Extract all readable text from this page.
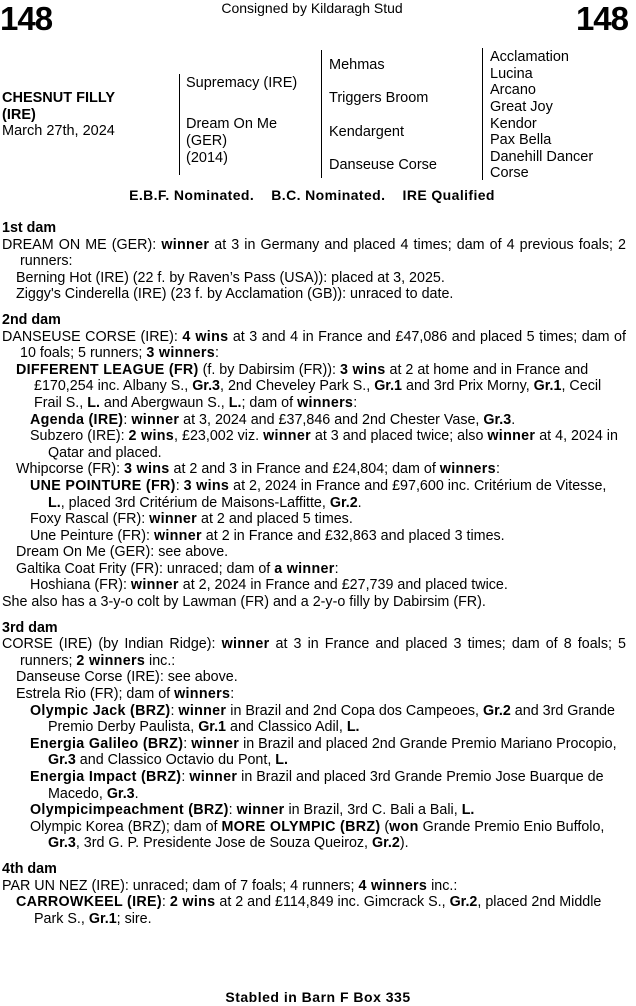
148	Consigned by Kildaragh Stud	148
CHESNUT FILLY
(IRE)
March 27th, 2024
Supremacy (IRE)
Dream On Me
(GER)
(2014)
Mehmas
Triggers Broom
Kendargent
Danseuse Corse
Acclamation
Lucina
Arcano
Great Joy
Kendor
Pax Bella
Danehill Dancer
Corse
E.B.F. Nominated.    B.C. Nominated.    IRE Qualified
1st dam
DREAM ON ME (GER): winner at 3 in Germany and placed 4 times; dam of 4 previous foals; 2 runners:
Berning Hot (IRE) (22 f. by Raven’s Pass (USA)): placed at 3, 2025.
Ziggy's Cinderella (IRE) (23 f. by Acclamation (GB)): unraced to date.
2nd dam
DANSEUSE CORSE (IRE): 4 wins at 3 and 4 in France and £47,086 and placed 5 times; dam of 10 foals; 5 runners; 3 winners:
DIFFERENT LEAGUE (FR) (f. by Dabirsim (FR)): 3 wins at 2 at home and in France and £170,254 inc. Albany S., Gr.3, 2nd Cheveley Park S., Gr.1 and 3rd Prix Morny, Gr.1, Cecil Frail S., L. and Abergwaun S., L.; dam of winners:
Agenda (IRE): winner at 3, 2024 and £37,846 and 2nd Chester Vase, Gr.3.
Subzero (IRE): 2 wins, £23,002 viz. winner at 3 and placed twice; also winner at 4, 2024 in Qatar and placed.
Whipcorse (FR): 3 wins at 2 and 3 in France and £24,804; dam of winners:
UNE POINTURE (FR): 3 wins at 2, 2024 in France and £97,600 inc. Critérium de Vitesse, L., placed 3rd Critérium de Maisons-Laffitte, Gr.2.
Foxy Rascal (FR): winner at 2 and placed 5 times.
Une Peinture (FR): winner at 2 in France and £32,863 and placed 3 times.
Dream On Me (GER): see above.
Galtika Coat Frity (FR): unraced; dam of a winner:
Hoshiana (FR): winner at 2, 2024 in France and £27,739 and placed twice.
She also has a 3-y-o colt by Lawman (FR) and a 2-y-o filly by Dabirsim (FR).
3rd dam
CORSE (IRE) (by Indian Ridge): winner at 3 in France and placed 3 times; dam of 8 foals; 5 runners; 2 winners inc.:
Danseuse Corse (IRE): see above.
Estrela Rio (FR); dam of winners:
Olympic Jack (BRZ): winner in Brazil and 2nd Copa dos Campeoes, Gr.2 and 3rd Grande Premio Derby Paulista, Gr.1 and Classico Adil, L.
Energia Galileo (BRZ): winner in Brazil and placed 2nd Grande Premio Mariano Procopio, Gr.3 and Classico Octavio du Pont, L.
Energia Impact (BRZ): winner in Brazil and placed 3rd Grande Premio Jose Buarque de Macedo, Gr.3.
Olympicimpeachment (BRZ): winner in Brazil, 3rd C. Bali a Bali, L.
Olympic Korea (BRZ); dam of MORE OLYMPIC (BRZ) (won Grande Premio Enio Buffolo, Gr.3, 3rd G. P. Presidente Jose de Souza Queiroz, Gr.2).
4th dam
PAR UN NEZ (IRE): unraced; dam of 7 foals; 4 runners; 4 winners inc.:
CARROWKEEL (IRE): 2 wins at 2 and £114,849 inc. Gimcrack S., Gr.2, placed 2nd Middle Park S., Gr.1; sire.
Stabled in Barn F Box 335
